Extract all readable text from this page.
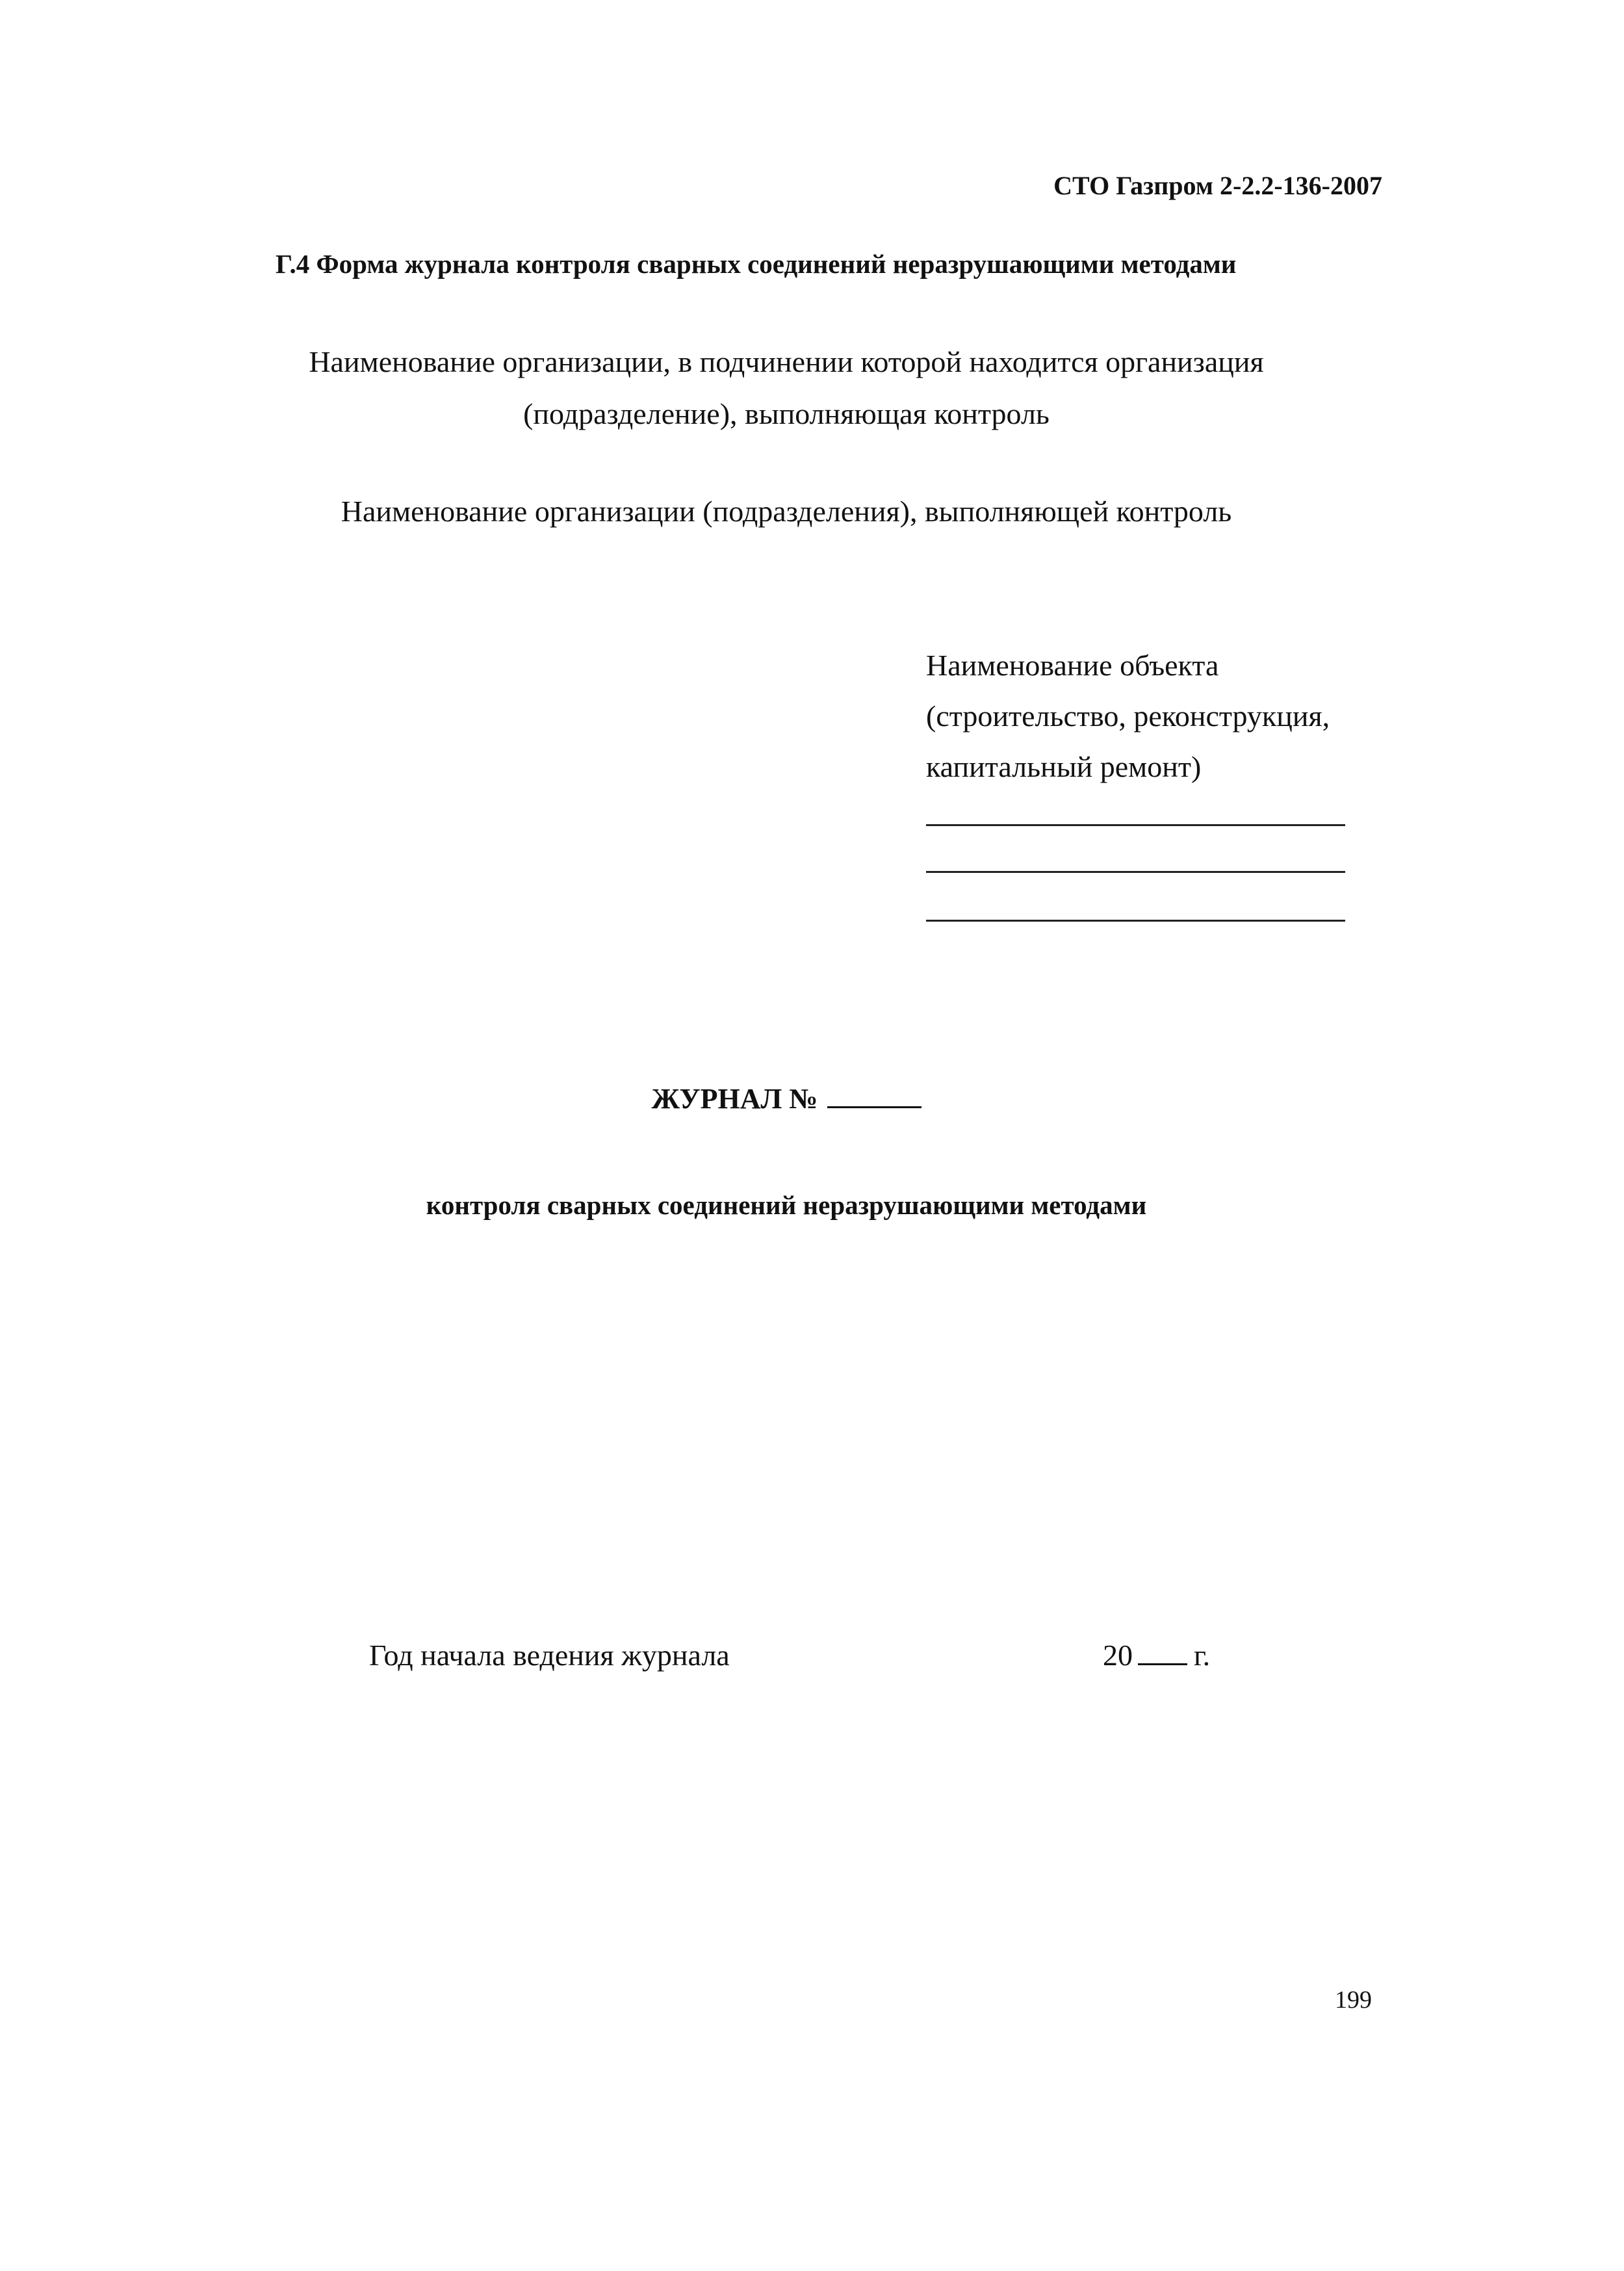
СТО Газпром 2-2.2-136-2007
Г.4 Форма журнала контроля сварных соединений неразрушающими методами
Наименование организации, в подчинении которой находится организация
(подразделение), выполняющая контроль
Наименование организации (подразделения), выполняющей контроль
Наименование объекта
(строительство, реконструкция,
капитальный ремонт)
ЖУРНАЛ №
контроля сварных соединений неразрушающими методами
Год начала ведения журнала	20 г.
199
